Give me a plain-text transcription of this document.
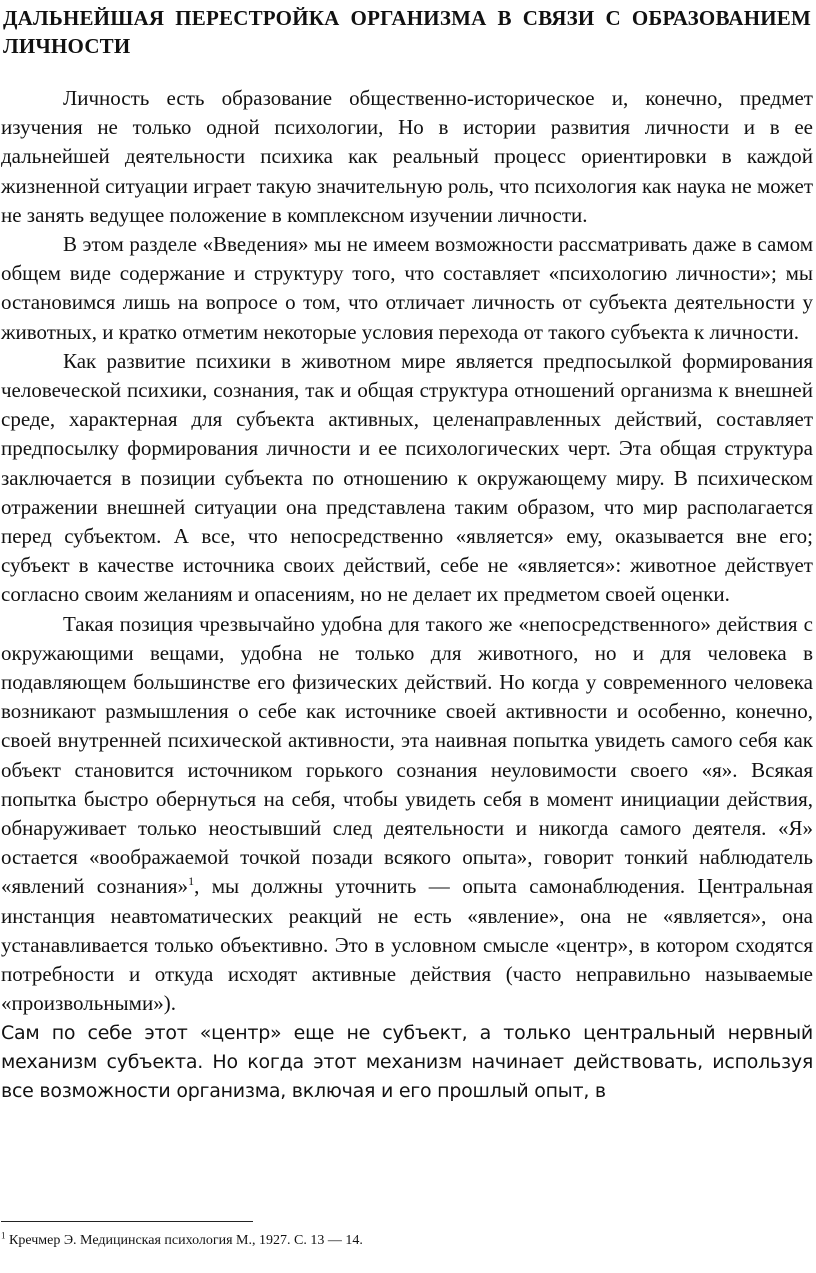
ДАЛЬНЕЙШАЯ ПЕРЕСТРОЙКА ОРГАНИЗМА В СВЯЗИ С ОБРАЗОВАНИЕМ ЛИЧНОСТИ

Личность есть образование общественно-историческое и, конечно, предмет изучения не только одной психологии, Но в истории развития личности и в ее дальнейшей деятельности психика как реальный процесс ориентировки в каждой жизненной ситуации играет такую значительную роль, что психология как наука не может не занять ведущее положение в комплексном изучении личности.

В этом разделе «Введения» мы не имеем возможности рассматривать даже в самом общем виде содержание и структуру того, что составляет «психологию личности»; мы остановимся лишь на вопросе о том, что отличает личность от субъекта деятельности у животных, и кратко отметим некоторые условия перехода от такого субъекта к личности.

Как развитие психики в животном мире является предпосылкой формирования человеческой психики, сознания, так и общая структура отношений организма к внешней среде, характерная для субъекта активных, целенаправленных действий, составляет предпосылку формирования личности и ее психологических черт. Эта общая структура заключается в позиции субъекта по отношению к окружающему миру. В психическом отражении внешней ситуации она представлена таким образом, что мир располагается перед субъектом. А все, что непосредственно «является» ему, оказывается вне его; субъект в качестве источника своих действий, себе не «является»: животное действует согласно своим желаниям и опасениям, но не делает их предметом своей оценки.

Такая позиция чрезвычайно удобна для такого же «непосредственного» действия с окружающими вещами, удобна не только для животного, но и для человека в подавляющем большинстве его физических действий. Но когда у современного человека возникают размышления о себе как источнике своей активности и особенно, конечно, своей внутренней психической активности, эта наивная попытка увидеть самого себя как объект становится источником горького сознания неуловимости своего «я». Всякая попытка быстро обернуться на себя, чтобы увидеть себя в момент инициации действия, обнаруживает только неостывший след деятельности и никогда самого деятеля. «Я» остается «воображаемой точкой позади всякого опыта», говорит тонкий наблюдатель «явлений сознания»$^1$, мы должны уточнить — опыта самонаблюдения. Центральная инстанция неавтоматических реакций не есть «явление», она не «является», она устанавливается только объективно. Это в условном смысле «центр», в котором сходятся потребности и откуда исходят активные действия (часто неправильно называемые «произвольными»).

Сам по себе этот «центр» еще не субъект, а только центральный нервный механизм субъекта. Но когда этот механизм начинает действовать, используя все возможности организма, включая и его прошлый опыт, в

$^1$ Кречмер Э. Медицинская психология М., 1927. С. 13 — 14.
